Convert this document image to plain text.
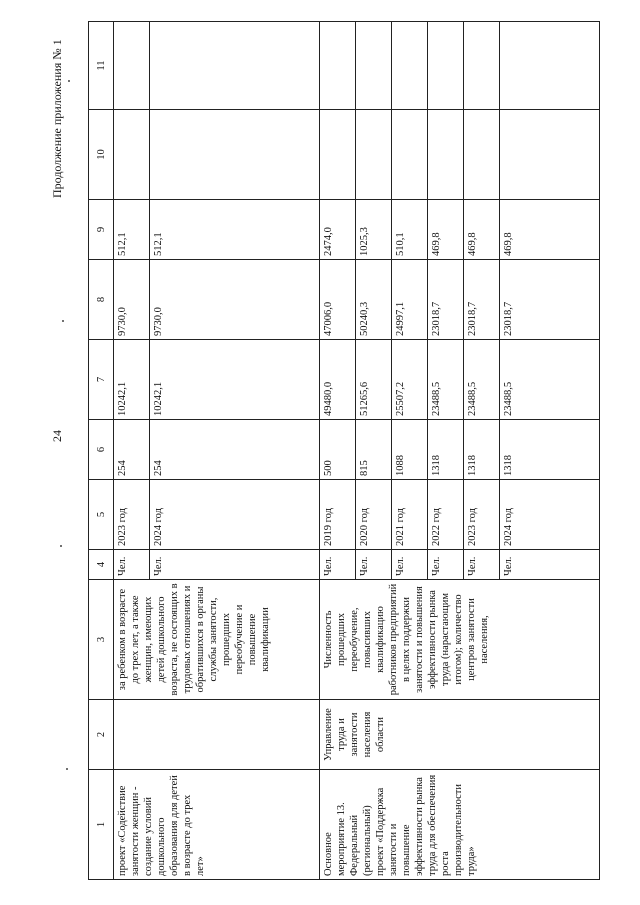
24
Продолжение приложения № 1
1	2	3	4	5	6	7	8	9	10	11
проект «Содействие занятости женщин - создание условий дошкольного образования для детей в возрасте до трех лет»		за ребенком в возрасте до трех лет, а также женщин, имеющих детей дошкольного возраста, не состоящих в трудовых отношениях и обратившихся в органы службы занятости, прошедших переобучение и повышение квалификации	Чел.	2023 год	254	10242,1	9730,0	512,1		
			Чел.	2024 год	254	10242,1	9730,0	512,1		
Основное мероприятие 13. Федеральный (региональный) проект «Поддержка занятости и повышение эффективности рынка труда для обеспечения роста производительности труда»	Управление труда и занятости населения области	Численность прошедших переобучение, повысивших квалификацию работников предприятий в целях поддержки занятости и повышения эффективности рынка труда (нарастающим итогом); количество центров занятости населения,	Чел.	2019 год	500	49480,0	47006,0	2474,0		
			Чел.	2020 год	815	51265,6	50240,3	1025,3		
			Чел.	2021 год	1088	25507,2	24997,1	510,1		
			Чел.	2022 год	1318	23488,5	23018,7	469,8		
			Чел.	2023 год	1318	23488,5	23018,7	469,8		
			Чел.	2024 год	1318	23488,5	23018,7	469,8		
